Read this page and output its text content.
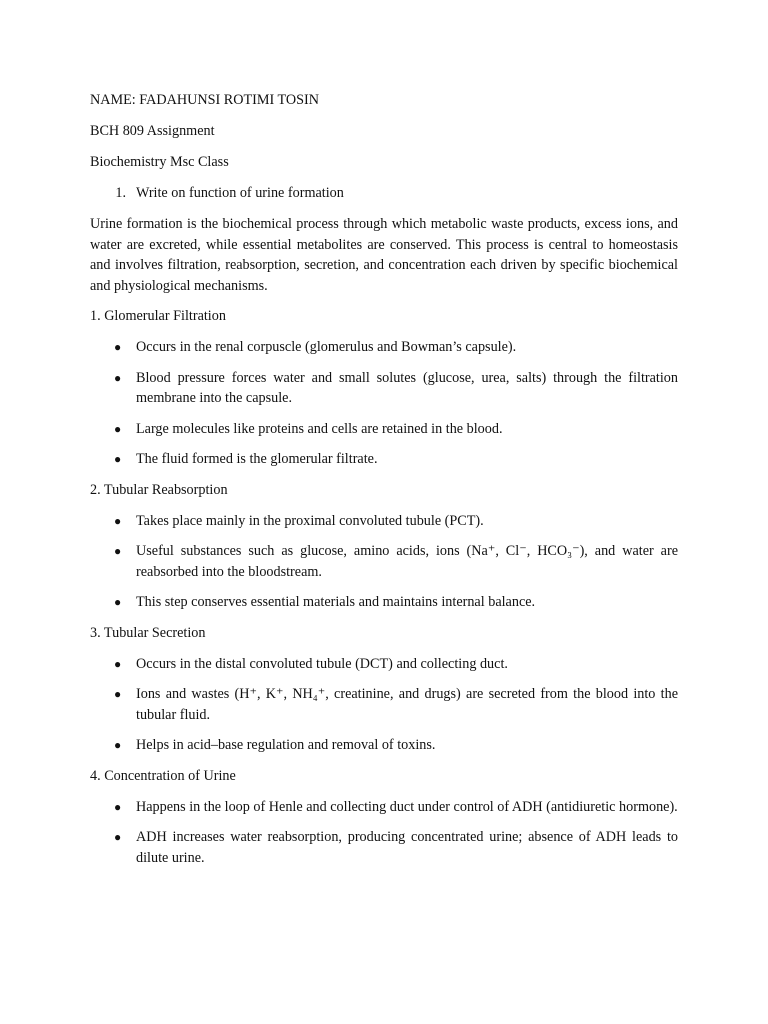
NAME: FADAHUNSI ROTIMI TOSIN
BCH 809 Assignment
Biochemistry Msc Class
1. Write on function of urine formation
Urine formation is the biochemical process through which metabolic waste products, excess ions, and water are excreted, while essential metabolites are conserved. This process is central to homeostasis and involves filtration, reabsorption, secretion, and concentration each driven by specific biochemical and physiological mechanisms.
1. Glomerular Filtration
● Occurs in the renal corpuscle (glomerulus and Bowman’s capsule).
● Blood pressure forces water and small solutes (glucose, urea, salts) through the filtration membrane into the capsule.
● Large molecules like proteins and cells are retained in the blood.
● The fluid formed is the glomerular filtrate.
2. Tubular Reabsorption
● Takes place mainly in the proximal convoluted tubule (PCT).
● Useful substances such as glucose, amino acids, ions (Na⁺, Cl⁻, HCO₃⁻), and water are reabsorbed into the bloodstream.
● This step conserves essential materials and maintains internal balance.
3. Tubular Secretion
● Occurs in the distal convoluted tubule (DCT) and collecting duct.
● Ions and wastes (H⁺, K⁺, NH₄⁺, creatinine, and drugs) are secreted from the blood into the tubular fluid.
● Helps in acid–base regulation and removal of toxins.
4. Concentration of Urine
● Happens in the loop of Henle and collecting duct under control of ADH (antidiuretic hormone).
● ADH increases water reabsorption, producing concentrated urine; absence of ADH leads to dilute urine.
